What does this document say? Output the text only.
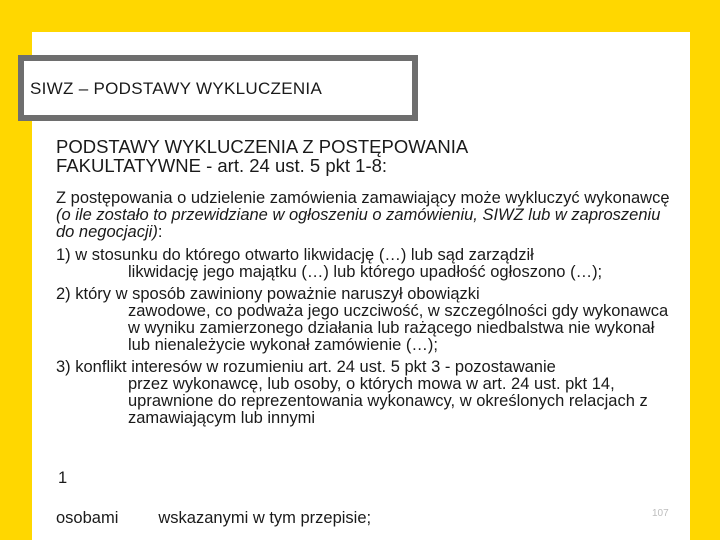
SIWZ – PODSTAWY WYKLUCZENIA
PODSTAWY WYKLUCZENIA Z POSTĘPOWANIA
FAKULTATYWNE - art. 24 ust. 5 pkt 1-8:

Z postępowania o udzielenie zamówienia zamawiający może wykluczyć wykonawcę (o ile zostało to przewidziane w ogłoszeniu o zamówieniu, SIWZ lub w zaproszeniu do negocjacji):

1) w stosunku do którego otwarto likwidację (…) lub sąd zarządził
likwidację jego majątku (…) lub którego upadłość ogłoszono (…);

2) który w sposób zawiniony poważnie naruszył obowiązki
zawodowe, co podważa jego uczciwość, w szczególności gdy wykonawca w wyniku zamierzonego działania lub rażącego niedbalstwa nie wykonał lub nienależycie wykonał zamówienie (…);

3) konflikt interesów w rozumieniu art. 24 ust. 5 pkt 3 - pozostawanie
przez wykonawcę, lub osoby, o których mowa w art. 24 ust. pkt 14, uprawnione do reprezentowania wykonawcy, w określonych relacjach z zamawiającym lub innymi

1
osobami wskazanymi w tym przepisie;	107
